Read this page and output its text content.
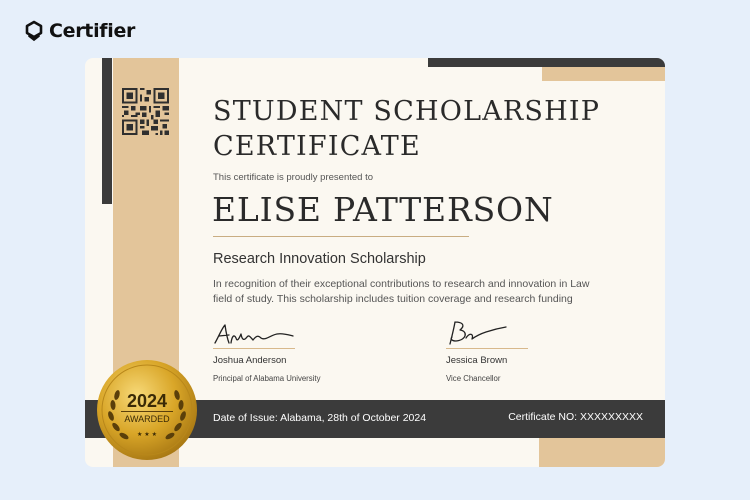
Certifier
STUDENT SCHOLARSHIP
CERTIFICATE
This certificate is proudly presented to
ELISE PATTERSON
Research Innovation Scholarship
In recognition of their exceptional contributions to research and innovation in Law
field of study. This scholarship includes tuition coverage and research funding
Joshua Anderson
Principal of Alabama University
Jessica Brown
Vice Chancellor
Date of Issue: Alabama, 28th of October 2024	Certificate NO: XXXXXXXXX
2024
AWARDED
★ ★ ★
